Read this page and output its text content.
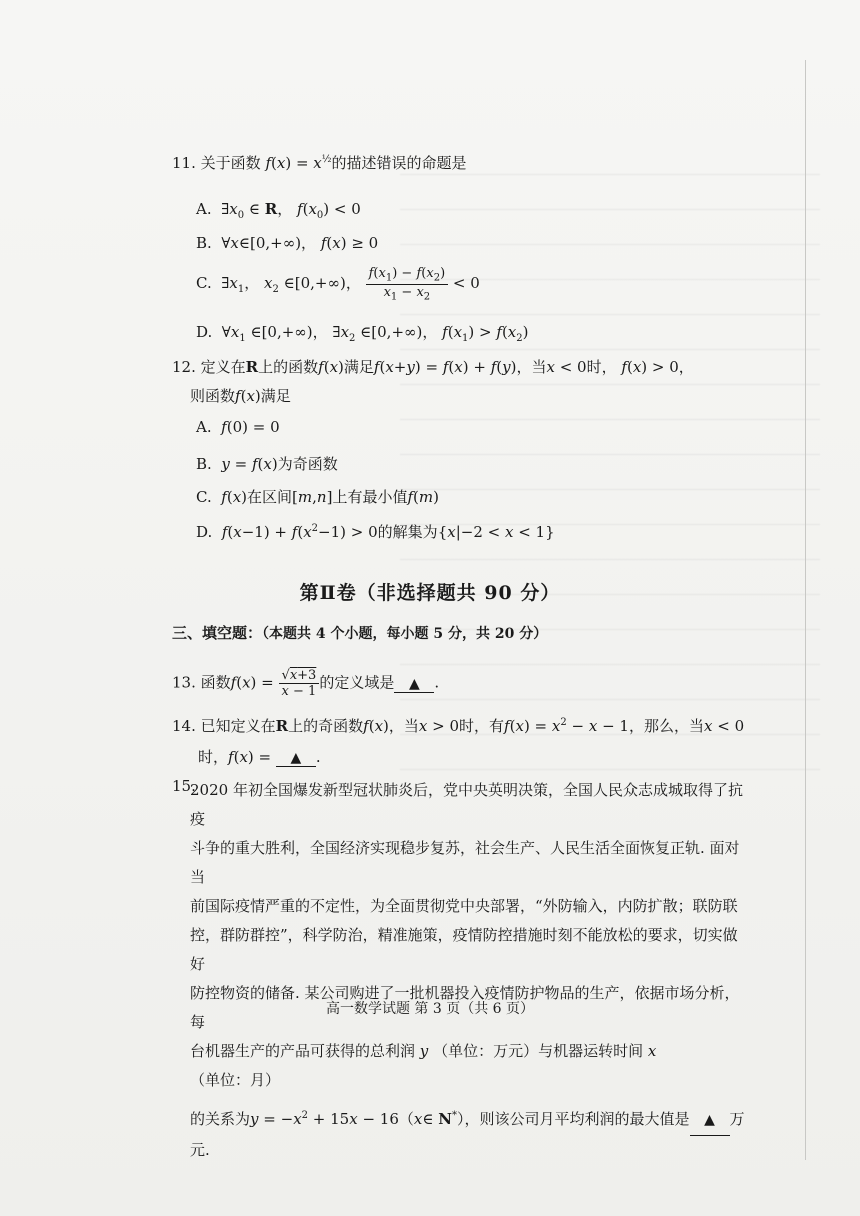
11. 关于函数 $f(x) = x^{\frac{1}{2}}$的描述错误的命题是
A.  $\exists x_0$ ∈ R， $f(x_0) < 0$
B.  ∀x∈[0,+∞)， f(x) ≥ 0
C.  $\exists x_1$， $x_2$ ∈[0,+∞)， $\frac{f(x_1) - f(x_2)}{x_1 - x_2} < 0$
D.  $\forall x_1$ ∈[0,+∞)， $\exists x_2$ ∈[0,+∞)， $f(x_1) > f(x_2)$
12. 定义在R上的函数f(x)满足f(x+y) = f(x) + f(y)，当x < 0时， f(x) > 0，
则函数f(x)满足
A. f(0) = 0
B. y = f(x)为奇函数
C. f(x)在区间[m,n]上有最小值f(m)
D. $f(x-1) + f(x^2-1) > 0$的解集为{x|−2 < x < 1}
第Ⅱ卷（非选择题共 90 分）
三、填空题：（本题共 4 个小题，每小题 5 分，共 20 分）
13. 函数$f(x) = \frac{√x+3}{x - 1}$ 的定义域是 ▲ .
14. 已知定义在R上的奇函数f(x)，当x > 0时，有$f(x) = x^2 - x - 1$，那么，当x < 0
时，f(x) = ▲ .
15.
2020 年初全国爆发新型冠状肺炎后，党中央英明决策，全国人民众志成城取得了抗疫
斗争的重大胜利，全国经济实现稳步复苏，社会生产、人民生活全面恢复正轨. 面对当
前国际疫情严重的不定性，为全面贯彻党中央部署，“外防输入，内防扩散；联防联
控，群防群控”，科学防治，精准施策，疫情防控措施时刻不能放松的要求，切实做好
防控物资的储备. 某公司购进了一批机器投入疫情防护物品的生产，依据市场分析，每
台机器生产的产品可获得的总利润 y （单位：万元）与机器运转时间 x （单位：月）
的关系为$y = -x^2 + 15x$ − 16（x∈ N*），则该公司月平均利润的最大值是 ▲ 万元.
高一数学试题 第 3 页（共 6 页）
